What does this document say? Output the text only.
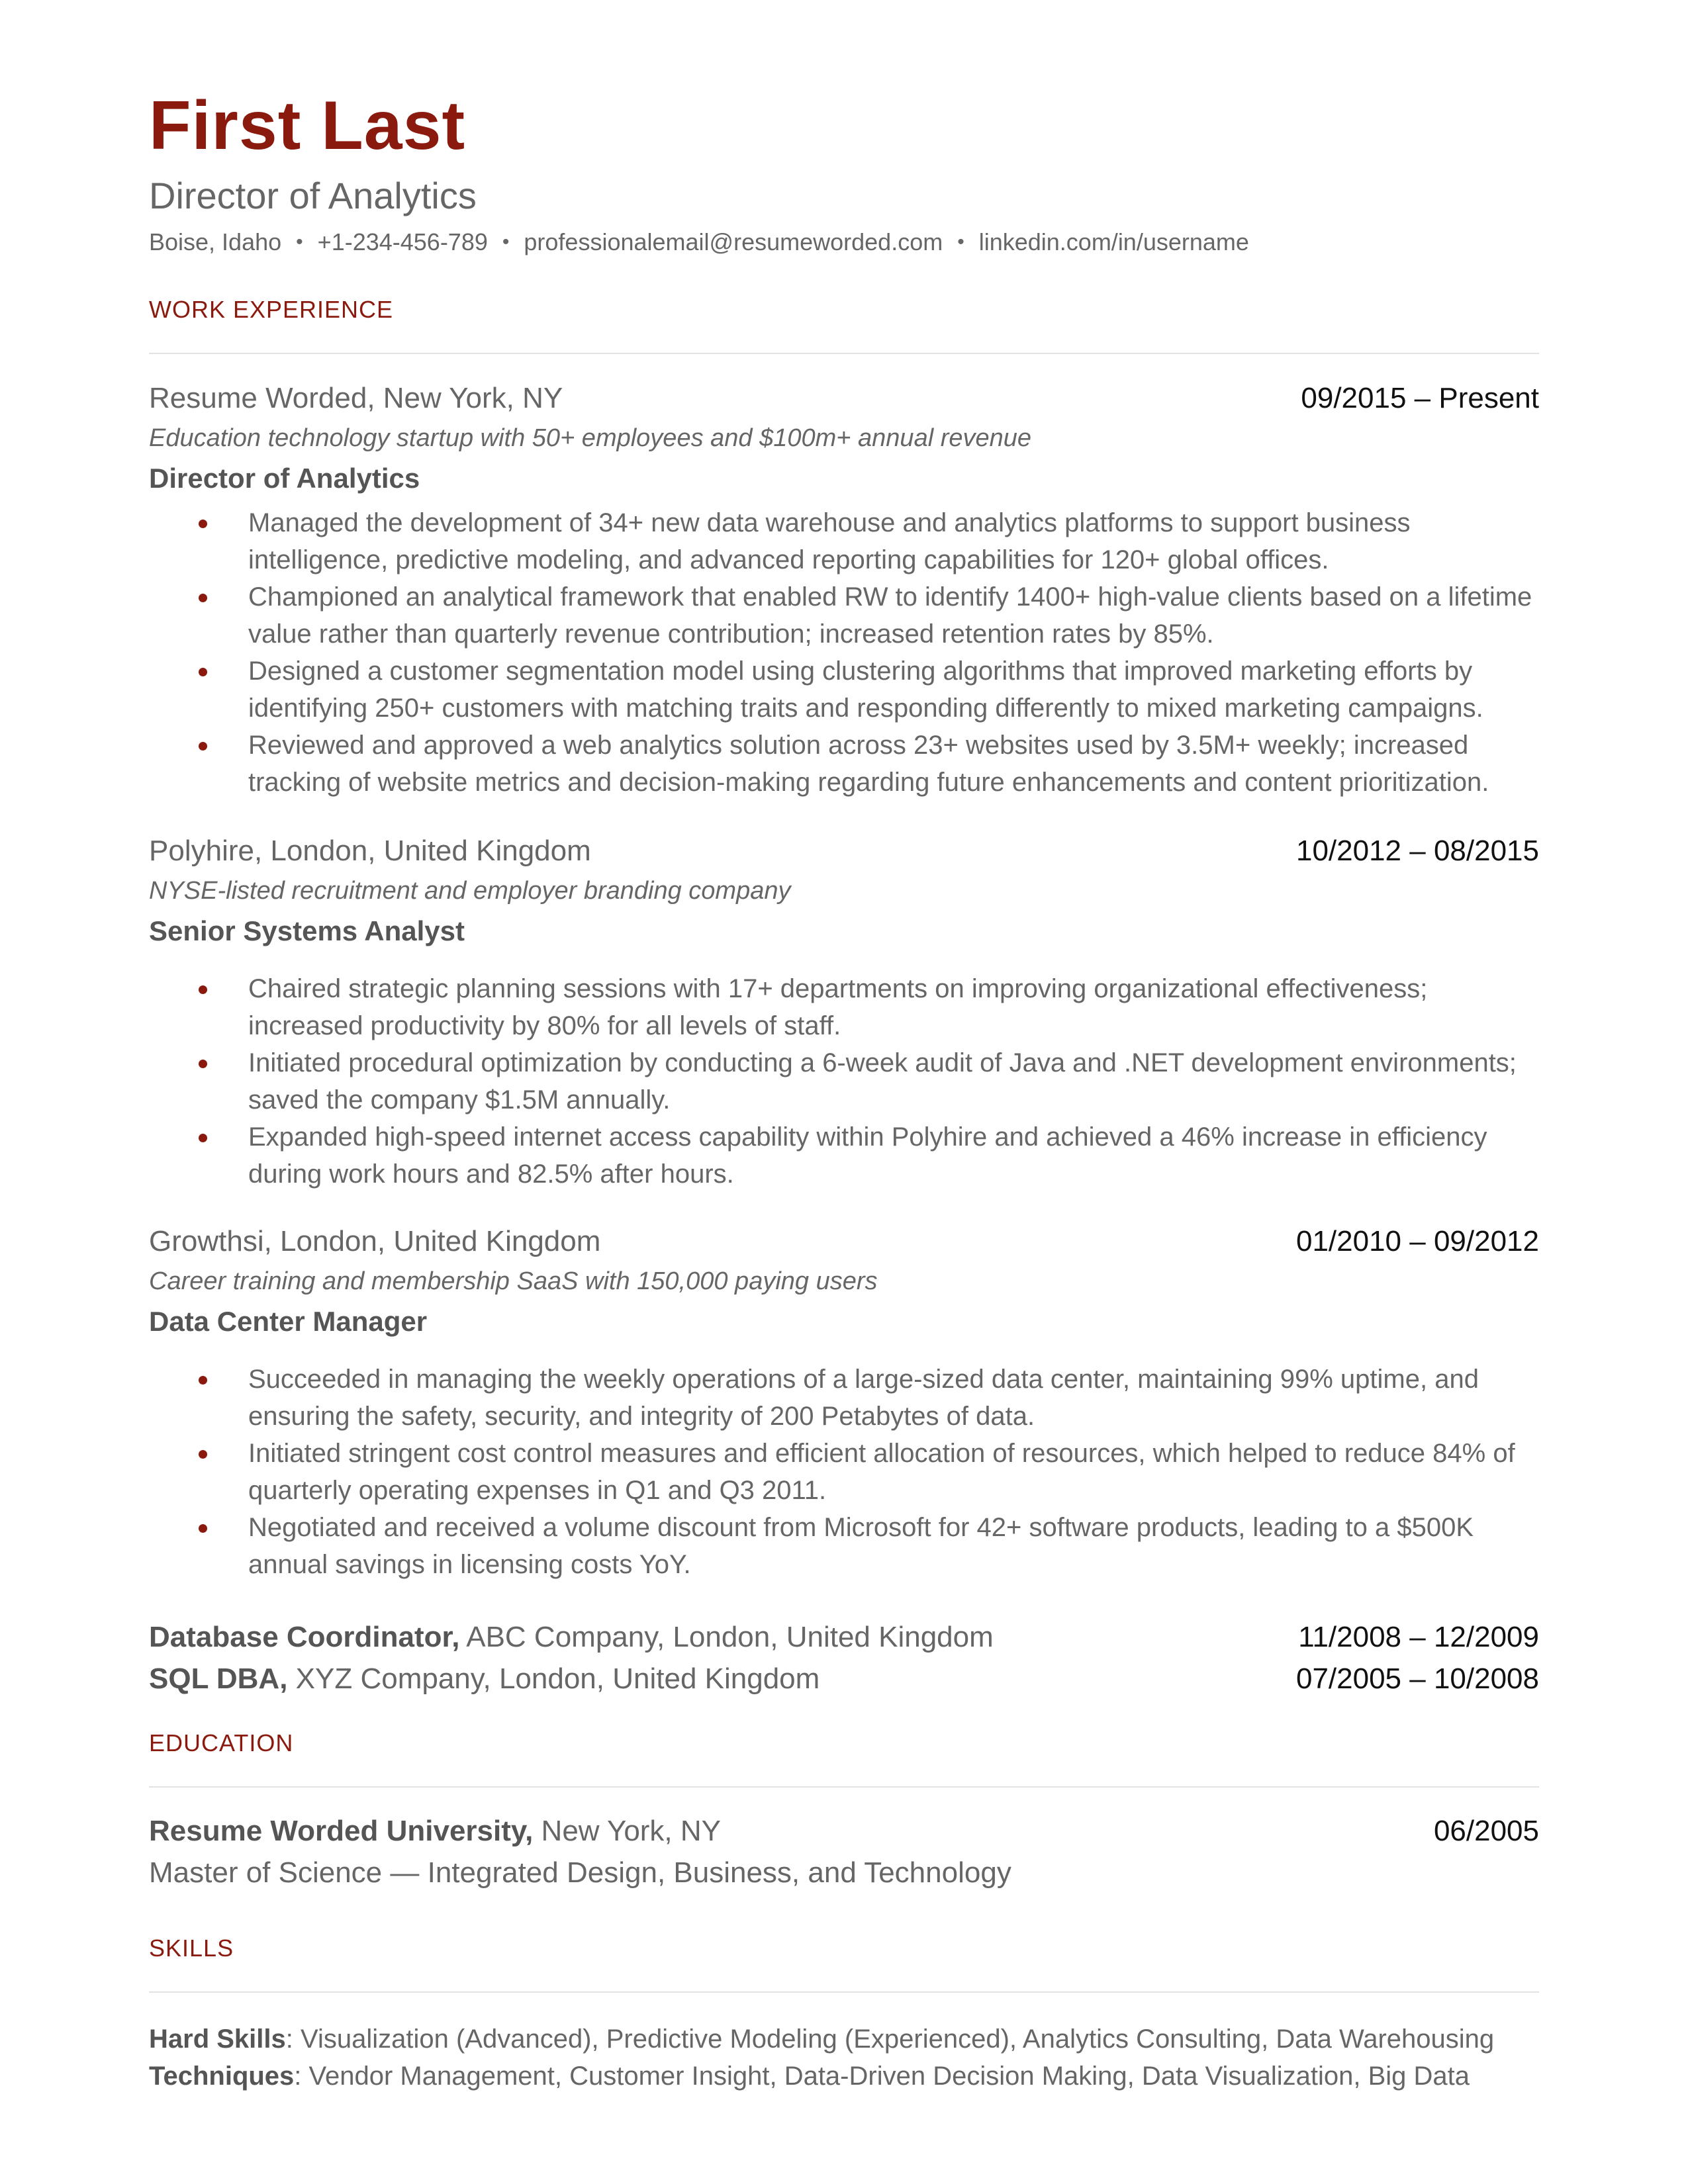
First Last
Director of Analytics
Boise, Idaho • +1-234-456-789 • professionalemail@resumeworded.com • linkedin.com/in/username
WORK EXPERIENCE
Resume Worded, New York, NY	09/2015 – Present
Education technology startup with 50+ employees and $100m+ annual revenue
Director of Analytics
Managed the development of 34+ new data warehouse and analytics platforms to support business intelligence, predictive modeling, and advanced reporting capabilities for 120+ global offices.
Championed an analytical framework that enabled RW to identify 1400+ high-value clients based on a lifetime value rather than quarterly revenue contribution; increased retention rates by 85%.
Designed a customer segmentation model using clustering algorithms that improved marketing efforts by identifying 250+ customers with matching traits and responding differently to mixed marketing campaigns.
Reviewed and approved a web analytics solution across 23+ websites used by 3.5M+ weekly; increased tracking of website metrics and decision-making regarding future enhancements and content prioritization.
Polyhire, London, United Kingdom	10/2012 – 08/2015
NYSE-listed recruitment and employer branding company
Senior Systems Analyst
Chaired strategic planning sessions with 17+ departments on improving organizational effectiveness; increased productivity by 80% for all levels of staff.
Initiated procedural optimization by conducting a 6-week audit of Java and .NET development environments; saved the company $1.5M annually.
Expanded high-speed internet access capability within Polyhire and achieved a 46% increase in efficiency during work hours and 82.5% after hours.
Growthsi, London, United Kingdom	01/2010 – 09/2012
Career training and membership SaaS with 150,000 paying users
Data Center Manager
Succeeded in managing the weekly operations of a large-sized data center, maintaining 99% uptime, and ensuring the safety, security, and integrity of 200 Petabytes of data.
Initiated stringent cost control measures and efficient allocation of resources, which helped to reduce 84% of quarterly operating expenses in Q1 and Q3 2011.
Negotiated and received a volume discount from Microsoft for 42+ software products, leading to a $500K annual savings in licensing costs YoY.
Database Coordinator, ABC Company, London, United Kingdom	11/2008 – 12/2009
SQL DBA, XYZ Company, London, United Kingdom	07/2005 – 10/2008
EDUCATION
Resume Worded University, New York, NY	06/2005
Master of Science — Integrated Design, Business, and Technology
SKILLS
Hard Skills: Visualization (Advanced), Predictive Modeling (Experienced), Analytics Consulting, Data Warehousing
Techniques: Vendor Management, Customer Insight, Data-Driven Decision Making, Data Visualization, Big Data
